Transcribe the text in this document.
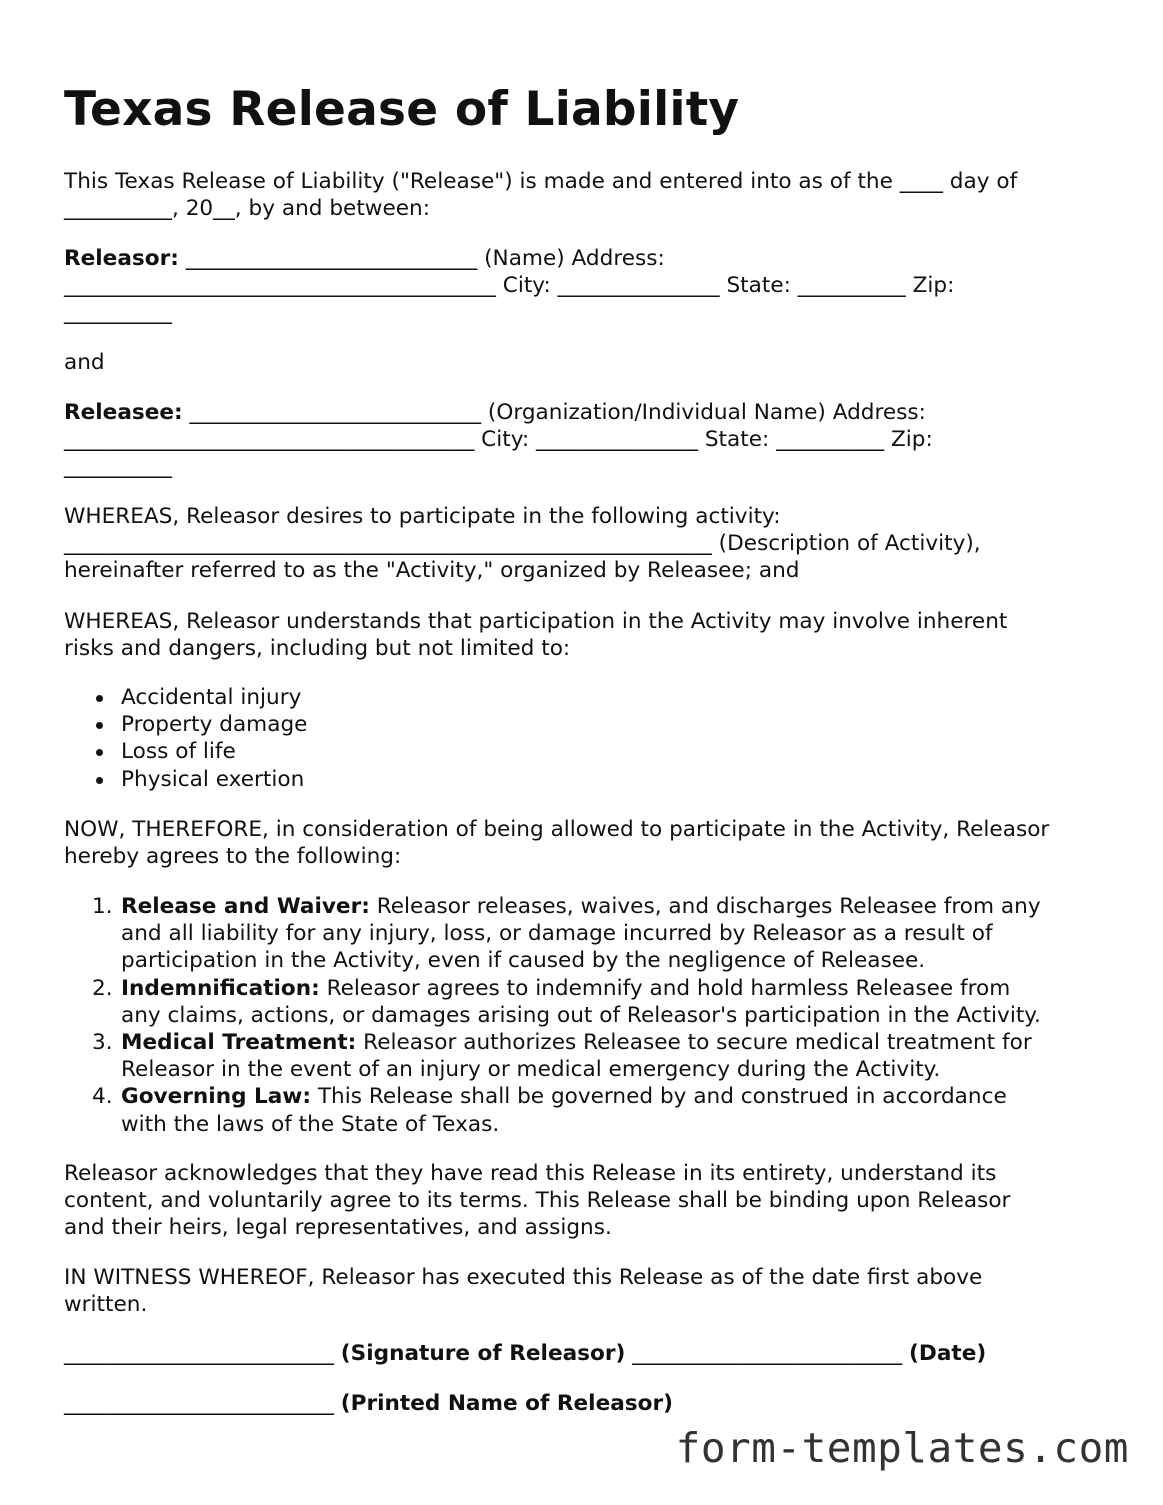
Texas Release of Liability

This Texas Release of Liability ("Release") is made and entered into as of the ____ day of
__________, 20__, by and between:

Releasor: ___________________________ (Name) Address:
________________________________________ City: _______________ State: __________ Zip:
__________

and

Releasee: ___________________________ (Organization/Individual Name) Address:
______________________________________ City: _______________ State: __________ Zip:
__________

WHEREAS, Releasor desires to participate in the following activity:
____________________________________________________________ (Description of Activity),
hereinafter referred to as the "Activity," organized by Releasee; and

WHEREAS, Releasor understands that participation in the Activity may involve inherent
risks and dangers, including but not limited to:

Accidental injury
Property damage
Loss of life
Physical exertion

NOW, THEREFORE, in consideration of being allowed to participate in the Activity, Releasor
hereby agrees to the following:

1. Release and Waiver: Releasor releases, waives, and discharges Releasee from any
and all liability for any injury, loss, or damage incurred by Releasor as a result of
participation in the Activity, even if caused by the negligence of Releasee.
2. Indemnification: Releasor agrees to indemnify and hold harmless Releasee from
any claims, actions, or damages arising out of Releasor's participation in the Activity.
3. Medical Treatment: Releasor authorizes Releasee to secure medical treatment for
Releasor in the event of an injury or medical emergency during the Activity.
4. Governing Law: This Release shall be governed by and construed in accordance
with the laws of the State of Texas.

Releasor acknowledges that they have read this Release in its entirety, understand its
content, and voluntarily agree to its terms. This Release shall be binding upon Releasor
and their heirs, legal representatives, and assigns.

IN WITNESS WHEREOF, Releasor has executed this Release as of the date first above
written.

_________________________ (Signature of Releasor) _________________________ (Date)

_________________________ (Printed Name of Releasor)

form-templates.com
